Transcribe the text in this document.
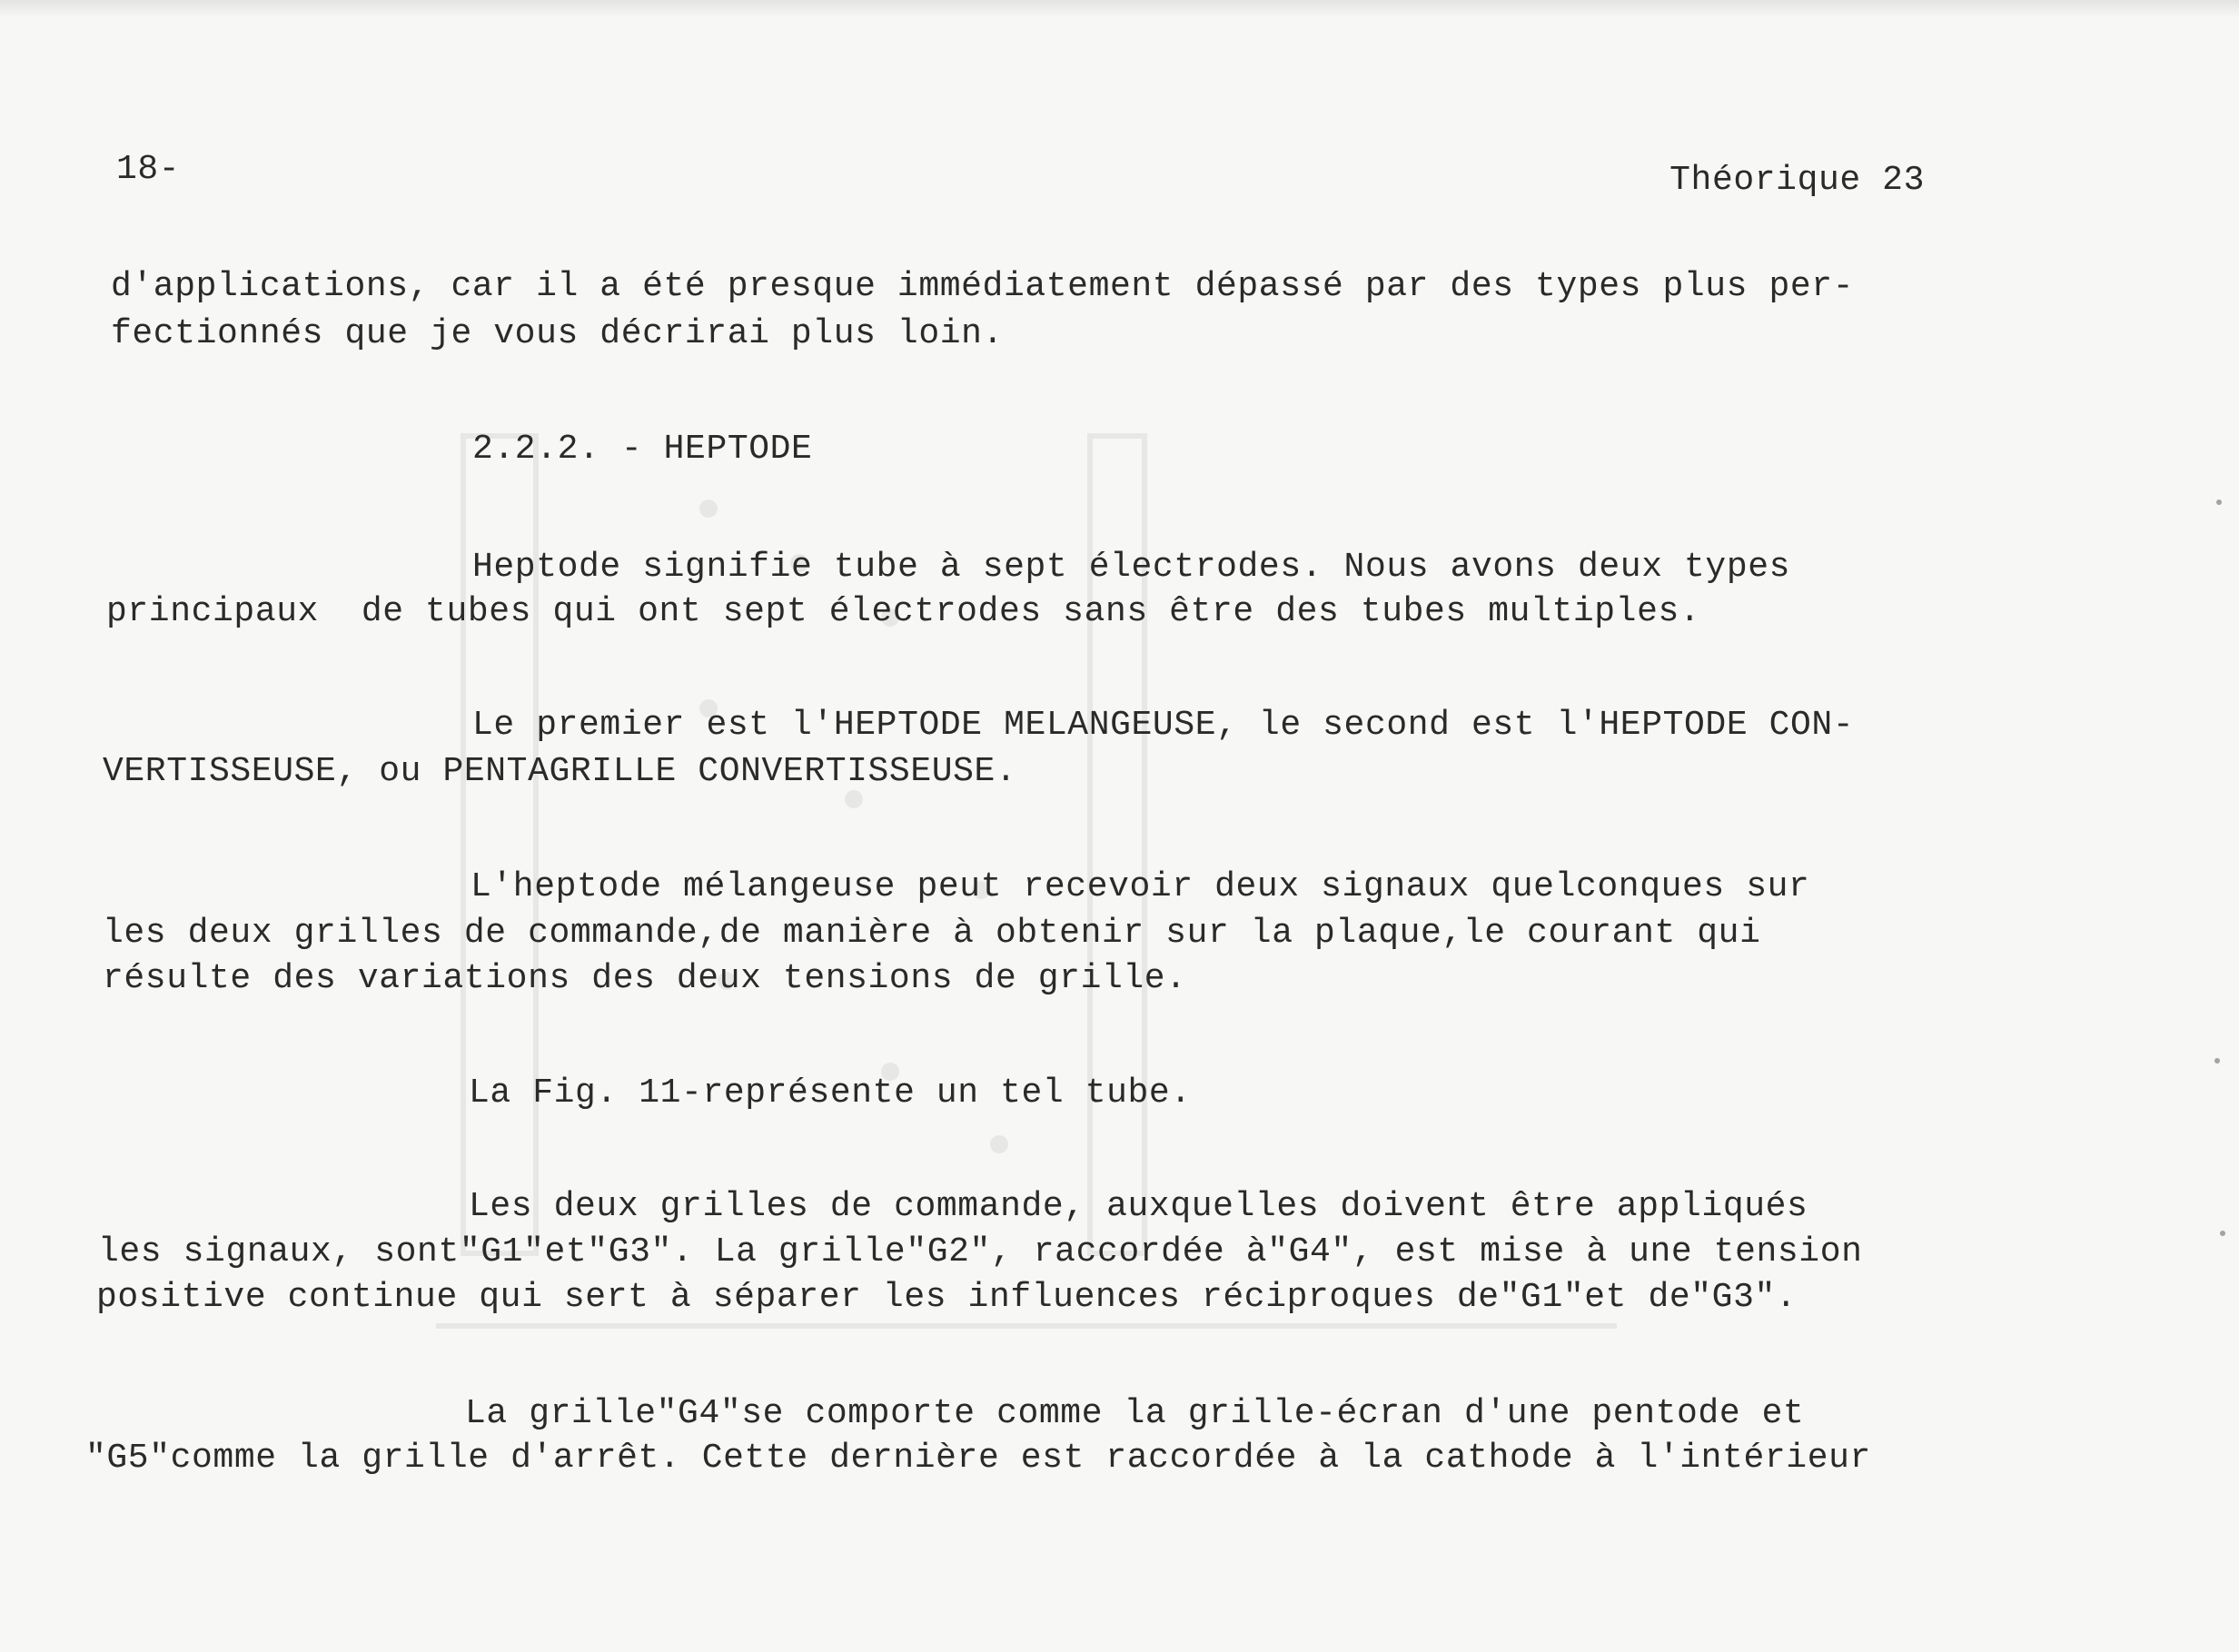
18-	Théorique 23
d'applications, car il a été presque immédiatement dépassé par des types plus per-
fectionnés que je vous décrirai plus loin.
2.2.2. - HEPTODE
Heptode signifie tube à sept électrodes. Nous avons deux types
principaux  de tubes qui ont sept électrodes sans être des tubes multiples.
Le premier est l'HEPTODE MELANGEUSE, le second est l'HEPTODE CON-
VERTISSEUSE, ou PENTAGRILLE CONVERTISSEUSE.
L'heptode mélangeuse peut recevoir deux signaux quelconques sur
les deux grilles de commande,de manière à obtenir sur la plaque,le courant qui
résulte des variations des deux tensions de grille.
La Fig. 11-représente un tel tube.
Les deux grilles de commande, auxquelles doivent être appliqués
les signaux, sont"G1"et"G3". La grille"G2", raccordée à"G4", est mise à une tension
positive continue qui sert à séparer les influences réciproques de"G1"et de"G3".
La grille"G4"se comporte comme la grille-écran d'une pentode et
"G5"comme la grille d'arrêt. Cette dernière est raccordée à la cathode à l'intérieur
